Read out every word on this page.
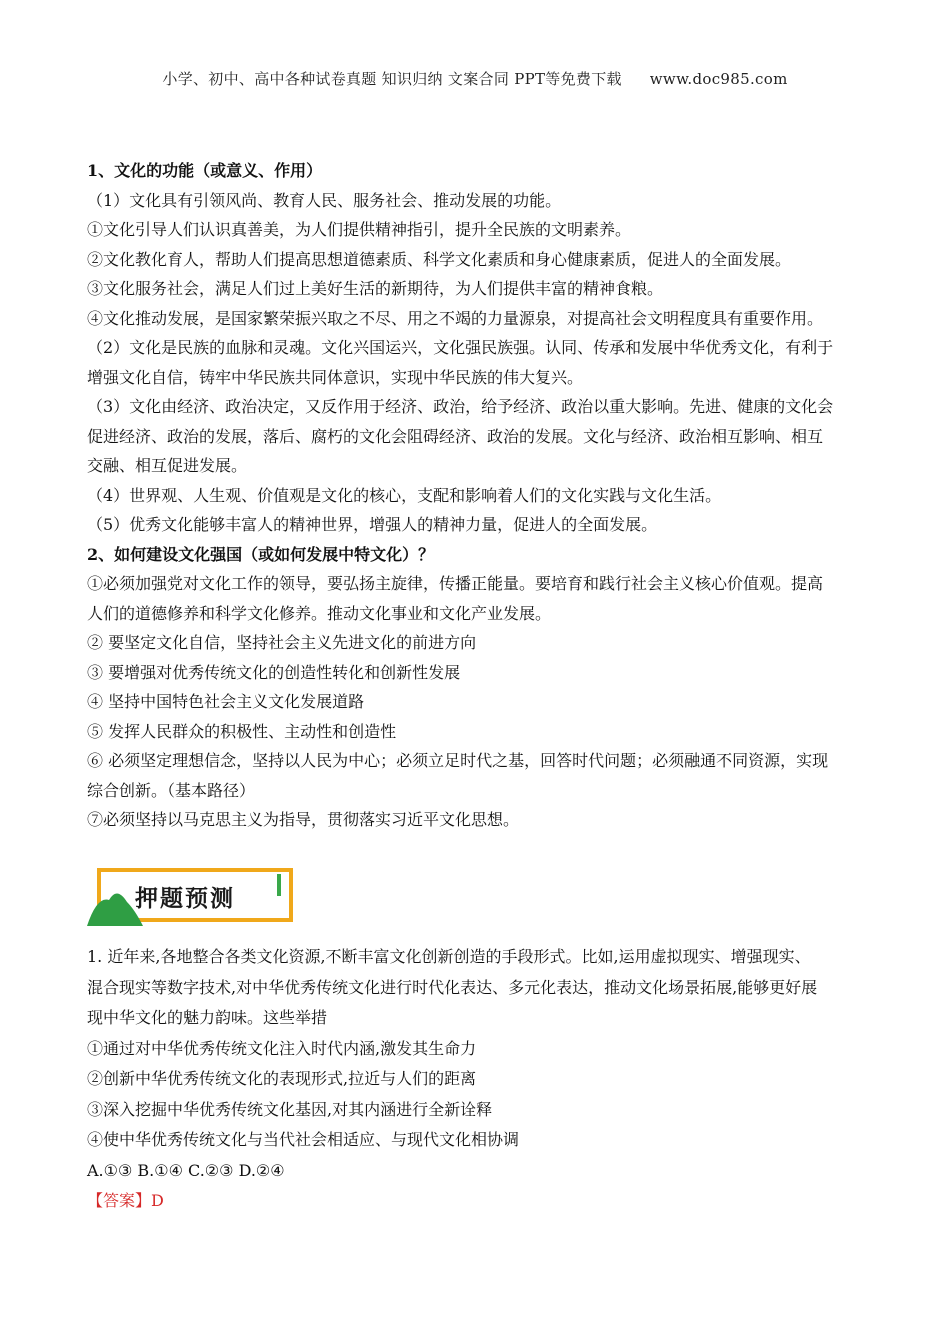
小学、初中、高中各种试卷真题 知识归纳 文案合同 PPT等免费下载 www.doc985.com
1、文化的功能（或意义、作用）
（1）文化具有引领风尚、教育人民、服务社会、推动发展的功能。
①文化引导人们认识真善美，为人们提供精神指引，提升全民族的文明素养。
②文化教化育人，帮助人们提高思想道德素质、科学文化素质和身心健康素质，促进人的全面发展。
③文化服务社会，满足人们过上美好生活的新期待，为人们提供丰富的精神食粮。
④文化推动发展，是国家繁荣振兴取之不尽、用之不竭的力量源泉，对提高社会文明程度具有重要作用。
（2）文化是民族的血脉和灵魂。文化兴国运兴，文化强民族强。认同、传承和发展中华优秀文化，有利于
增强文化自信，铸牢中华民族共同体意识，实现中华民族的伟大复兴。
（3）文化由经济、政治决定，又反作用于经济、政治，给予经济、政治以重大影响。先进、健康的文化会
促进经济、政治的发展，落后、腐朽的文化会阻碍经济、政治的发展。文化与经济、政治相互影响、相互
交融、相互促进发展。
（4）世界观、人生观、价值观是文化的核心，支配和影响着人们的文化实践与文化生活。
（5）优秀文化能够丰富人的精神世界，增强人的精神力量，促进人的全面发展。
2、如何建设文化强国（或如何发展中特文化）？
①必须加强党对文化工作的领导，要弘扬主旋律，传播正能量。要培育和践行社会主义核心价值观。提高
人们的道德修养和科学文化修养。推动文化事业和文化产业发展。
② 要坚定文化自信，坚持社会主义先进文化的前进方向
③ 要增强对优秀传统文化的创造性转化和创新性发展
④ 坚持中国特色社会主义文化发展道路
⑤ 发挥人民群众的积极性、主动性和创造性
⑥ 必须坚定理想信念，坚持以人民为中心；必须立足时代之基，回答时代问题；必须融通不同资源，实现
综合创新。（基本路径）
⑦必须坚持以马克思主义为指导，贯彻落实习近平文化思想。
押题预测
1. 近年来,各地整合各类文化资源,不断丰富文化创新创造的手段形式。比如,运用虚拟现实、增强现实、
混合现实等数字技术,对中华优秀传统文化进行时代化表达、多元化表达，推动文化场景拓展,能够更好展
现中华文化的魅力韵味。这些举措
①通过对中华优秀传统文化注入时代内涵,激发其生命力
②创新中华优秀传统文化的表现形式,拉近与人们的距离
③深入挖掘中华优秀传统文化基因,对其内涵进行全新诠释
④使中华优秀传统文化与当代社会相适应、与现代文化相协调
A.①③ B.①④ C.②③ D.②④
【答案】D
